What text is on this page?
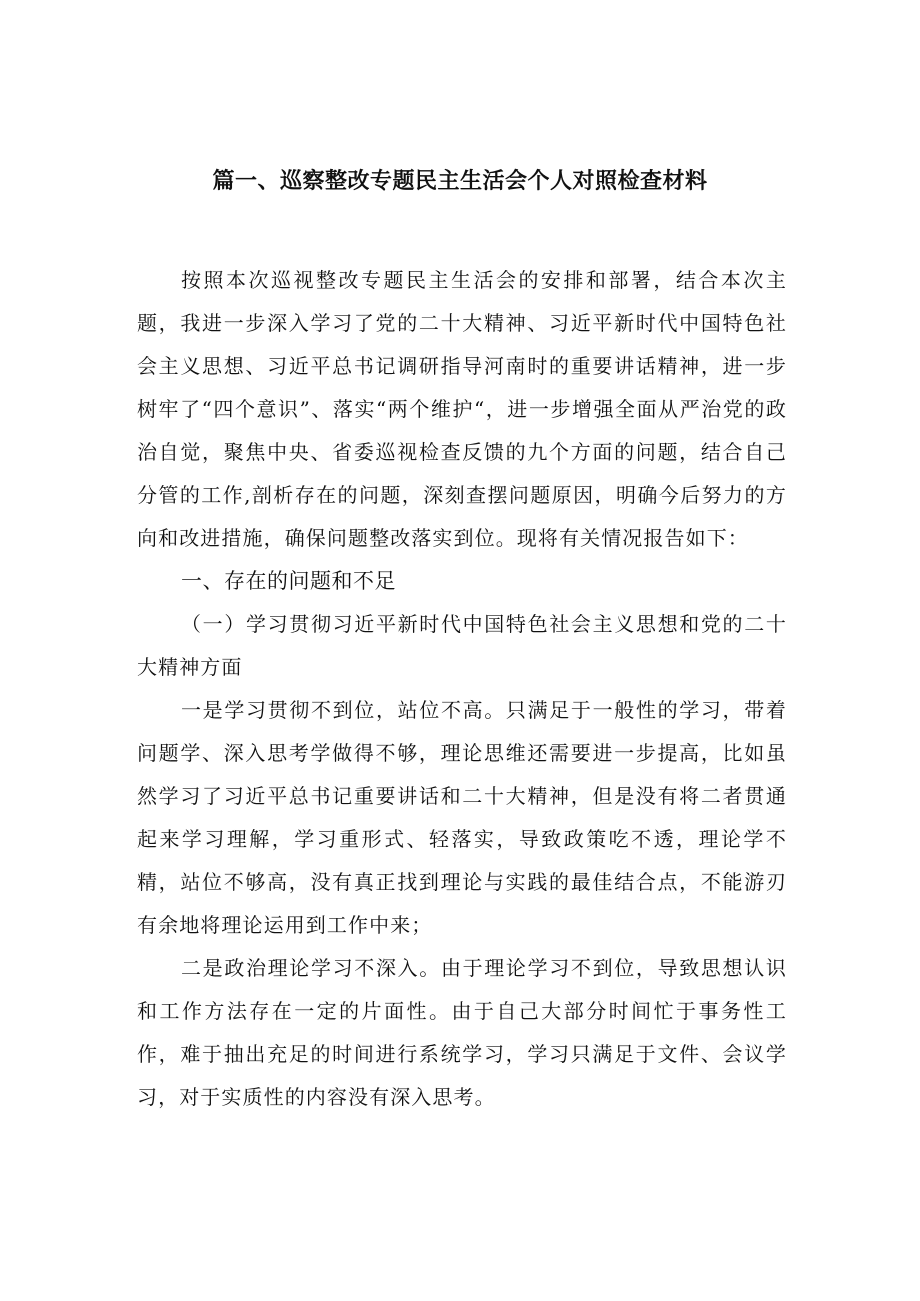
篇一、巡察整改专题民主生活会个人对照检查材料

按照本次巡视整改专题民主生活会的安排和部署，结合本次主题，我进一步深入学习了党的二十大精神、习近平新时代中国特色社会主义思想、习近平总书记调研指导河南时的重要讲话精神，进一步树牢了“四个意识”、落实“两个维护“，进一步增强全面从严治党的政治自觉，聚焦中央、省委巡视检查反馈的九个方面的问题，结合自己分管的工作,剖析存在的问题，深刻查摆问题原因，明确今后努力的方向和改进措施，确保问题整改落实到位。现将有关情况报告如下：

一、存在的问题和不足

（一）学习贯彻习近平新时代中国特色社会主义思想和党的二十大精神方面

一是学习贯彻不到位，站位不高。只满足于一般性的学习，带着问题学、深入思考学做得不够，理论思维还需要进一步提高，比如虽然学习了习近平总书记重要讲话和二十大精神，但是没有将二者贯通起来学习理解，学习重形式、轻落实，导致政策吃不透，理论学不精，站位不够高，没有真正找到理论与实践的最佳结合点，不能游刃有余地将理论运用到工作中来；

二是政治理论学习不深入。由于理论学习不到位，导致思想认识和工作方法存在一定的片面性。由于自己大部分时间忙于事务性工作，难于抽出充足的时间进行系统学习，学习只满足于文件、会议学习，对于实质性的内容没有深入思考。
